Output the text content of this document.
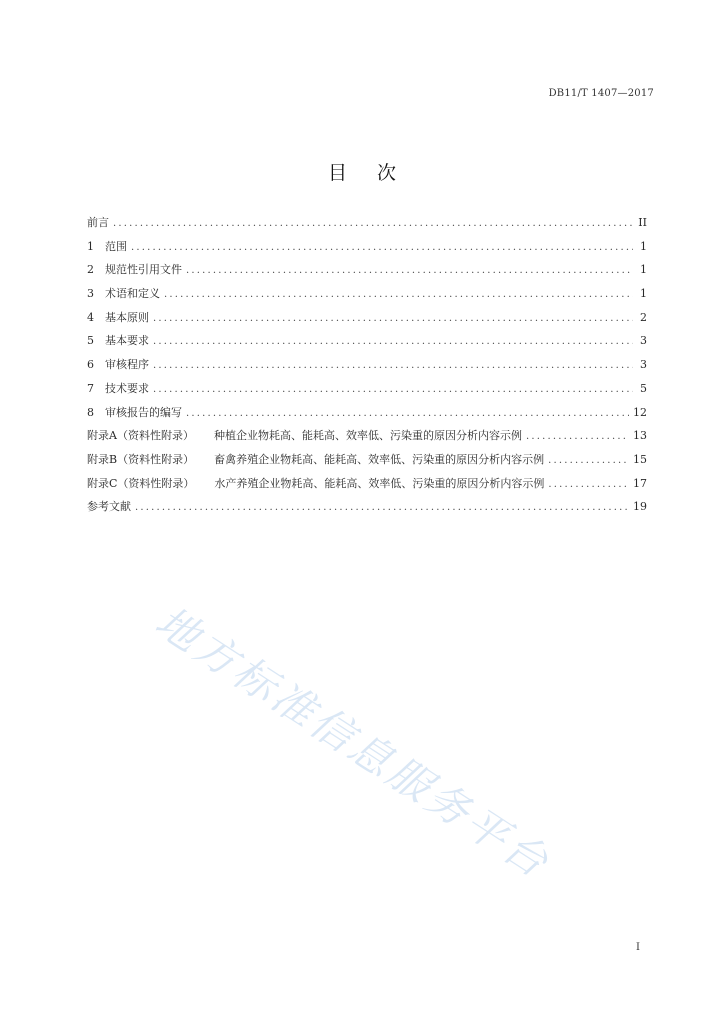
DB11/T 1407—2017
目次
前言 .....	II
1	范围 .....	1
2	规范性引用文件 .....	1
3	术语和定义 .....	1
4	基本原则 .....	2
5	基本要求 .....	3
6	审核程序 .....	3
7	技术要求 .....	5
8	审核报告的编写 .....	12
附录A（资料性附录） 种植企业物耗高、能耗高、效率低、污染重的原因分析内容示例 .....	13
附录B（资料性附录） 畜禽养殖企业物耗高、能耗高、效率低、污染重的原因分析内容示例 .....	15
附录C（资料性附录） 水产养殖企业物耗高、能耗高、效率低、污染重的原因分析内容示例 .....	17
参考文献 .....	19
地方标准信息服务平台
I
